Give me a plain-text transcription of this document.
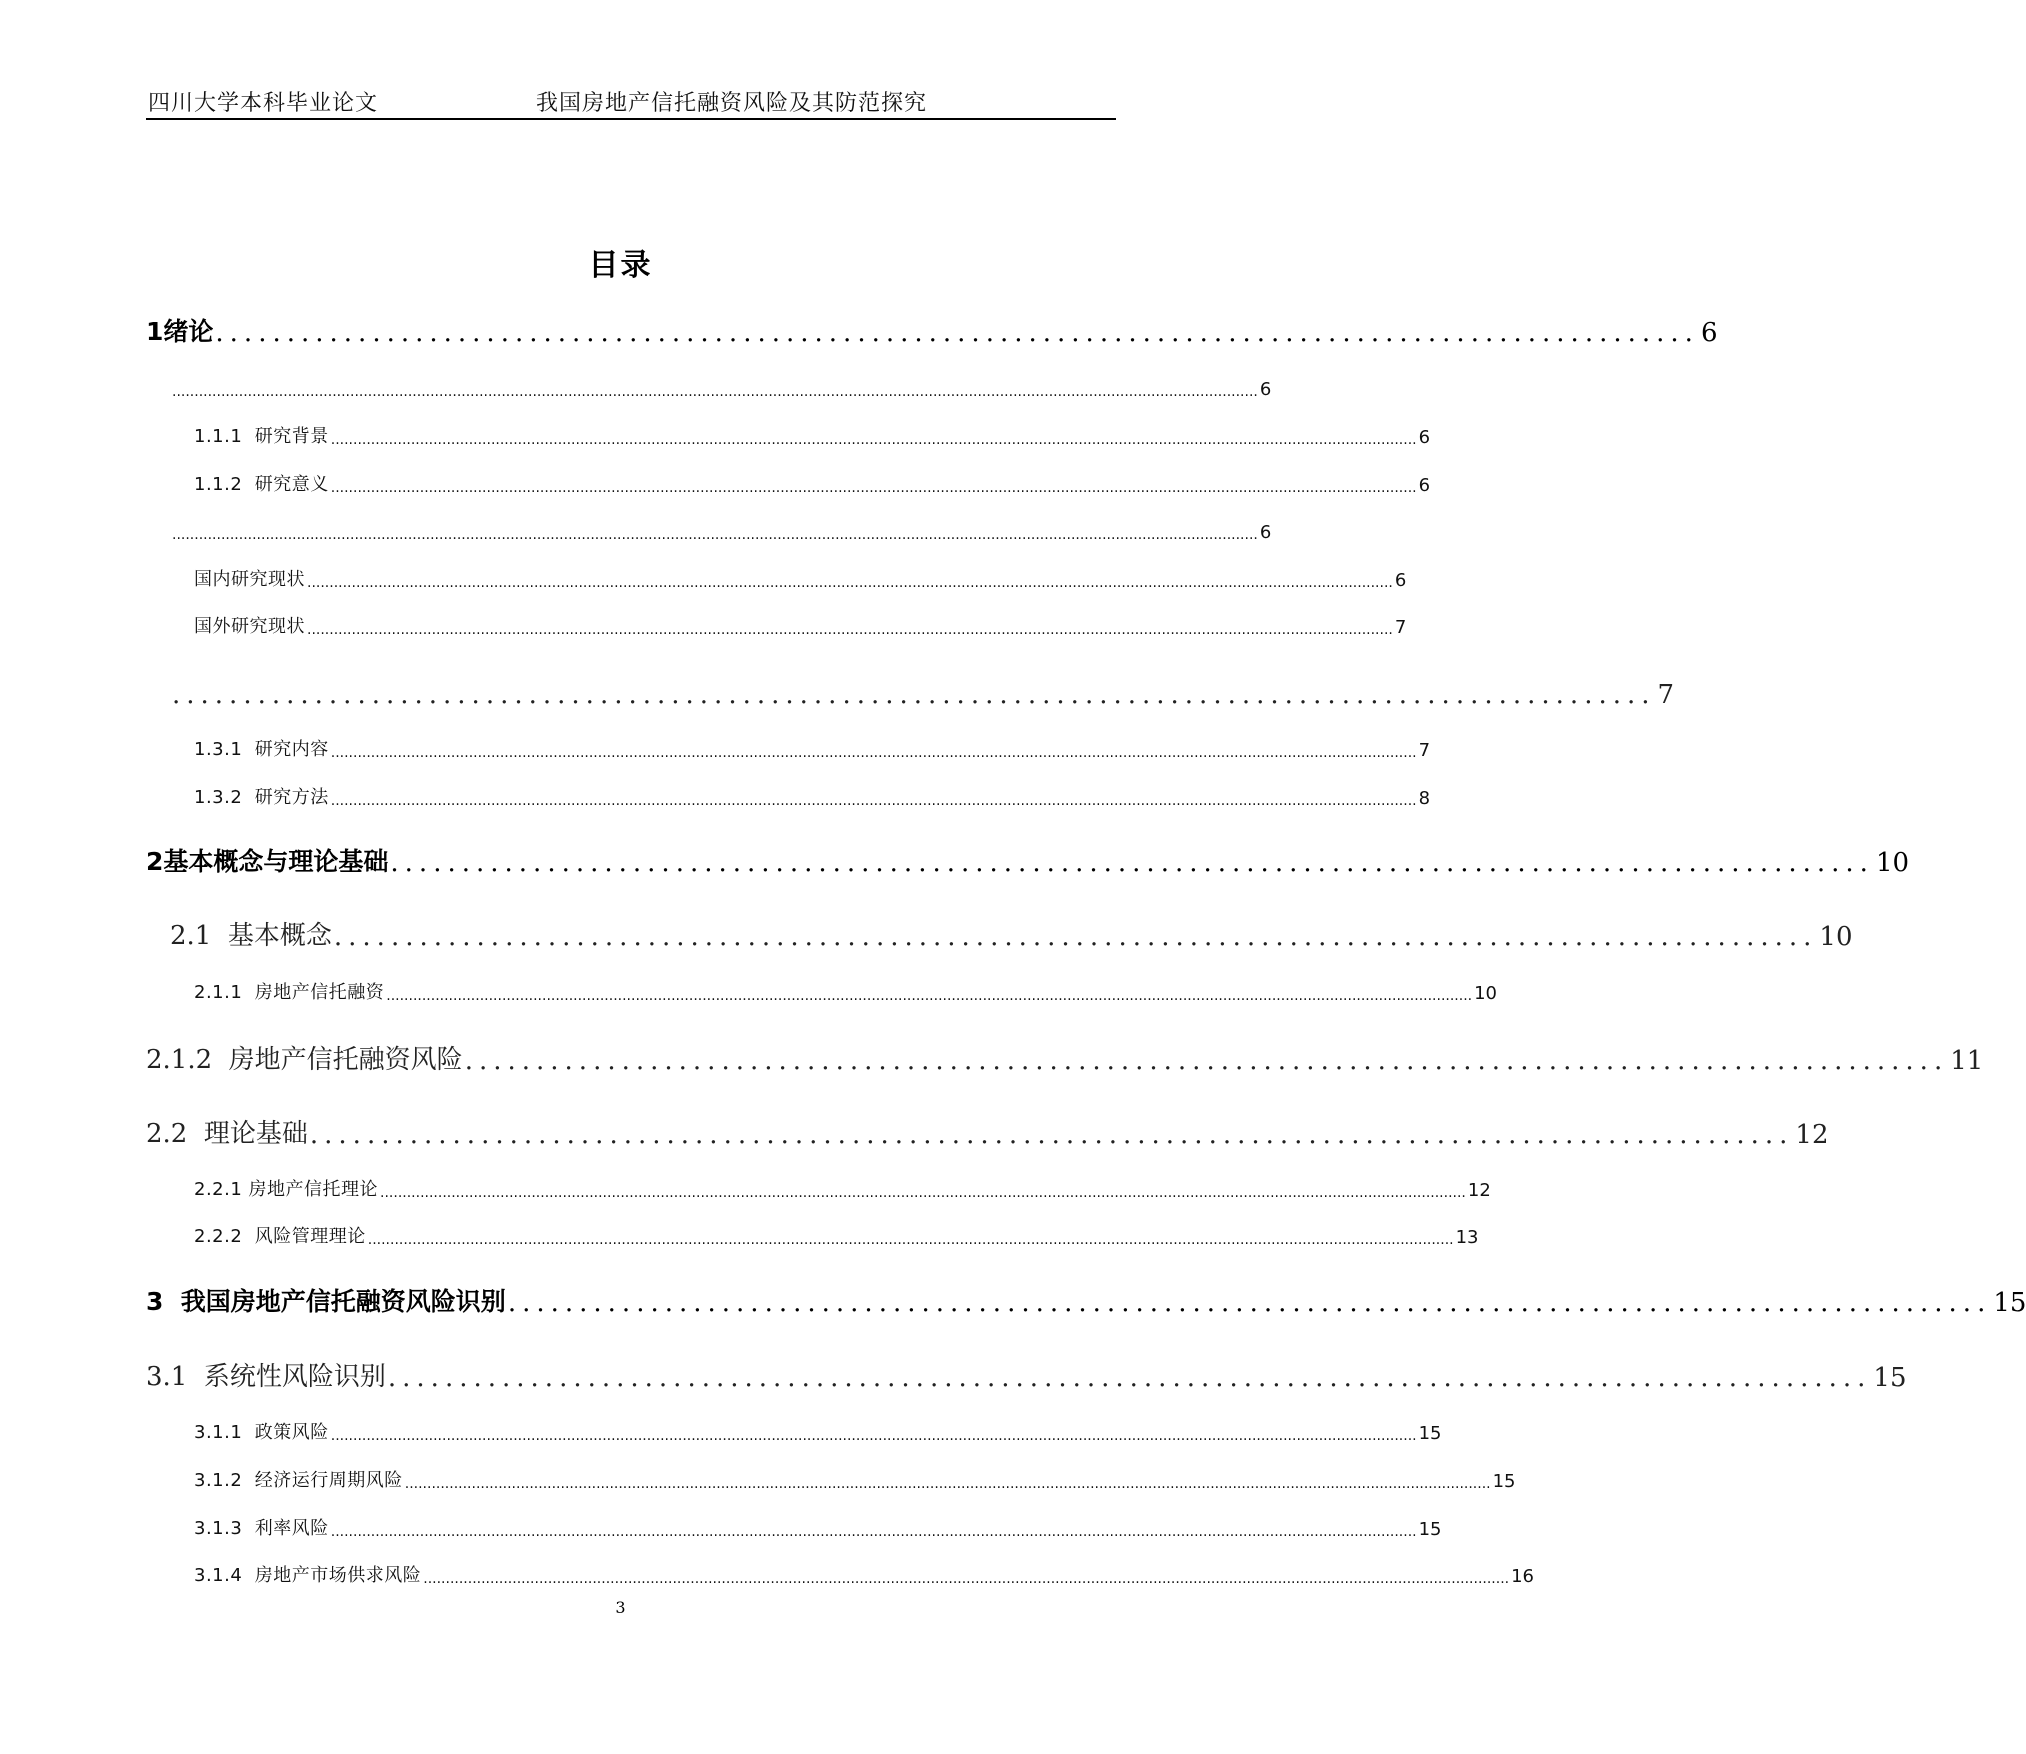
四川大学本科毕业论文	我国房地产信托融资风险及其防范探究
目录
1绪论 ........................................................................................................ 6
.................................................................................................................................................................................................................................................... 6
1.1.1  研究背景 .................................................................................................................................................................................................................................................... 6
1.1.2  研究意义 .................................................................................................................................................................................................................................................... 6
.................................................................................................................................................................................................................................................... 6
国内研究现状 .................................................................................................................................................................................................................................................... 6
国外研究现状 .................................................................................................................................................................................................................................................... 7
........................................................................................................ 7
1.3.1  研究内容 .................................................................................................................................................................................................................................................... 7
1.3.2  研究方法 .................................................................................................................................................................................................................................................... 8
2基本概念与理论基础 ........................................................................................................ 10
2.1  基本概念 ........................................................................................................ 10
2.1.1  房地产信托融资 .................................................................................................................................................................................................................................................... 10
2.1.2  房地产信托融资风险 ........................................................................................................ 11
2.2  理论基础 ........................................................................................................ 12
2.2.1 房地产信托理论 .................................................................................................................................................................................................................................................... 12
2.2.2  风险管理理论 .................................................................................................................................................................................................................................................... 13
3  我国房地产信托融资风险识别 ........................................................................................................ 15
3.1  系统性风险识别 ........................................................................................................ 15
3.1.1  政策风险 .................................................................................................................................................................................................................................................... 15
3.1.2  经济运行周期风险 .................................................................................................................................................................................................................................................... 15
3.1.3  利率风险 .................................................................................................................................................................................................................................................... 15
3.1.4  房地产市场供求风险 .................................................................................................................................................................................................................................................... 16
3
